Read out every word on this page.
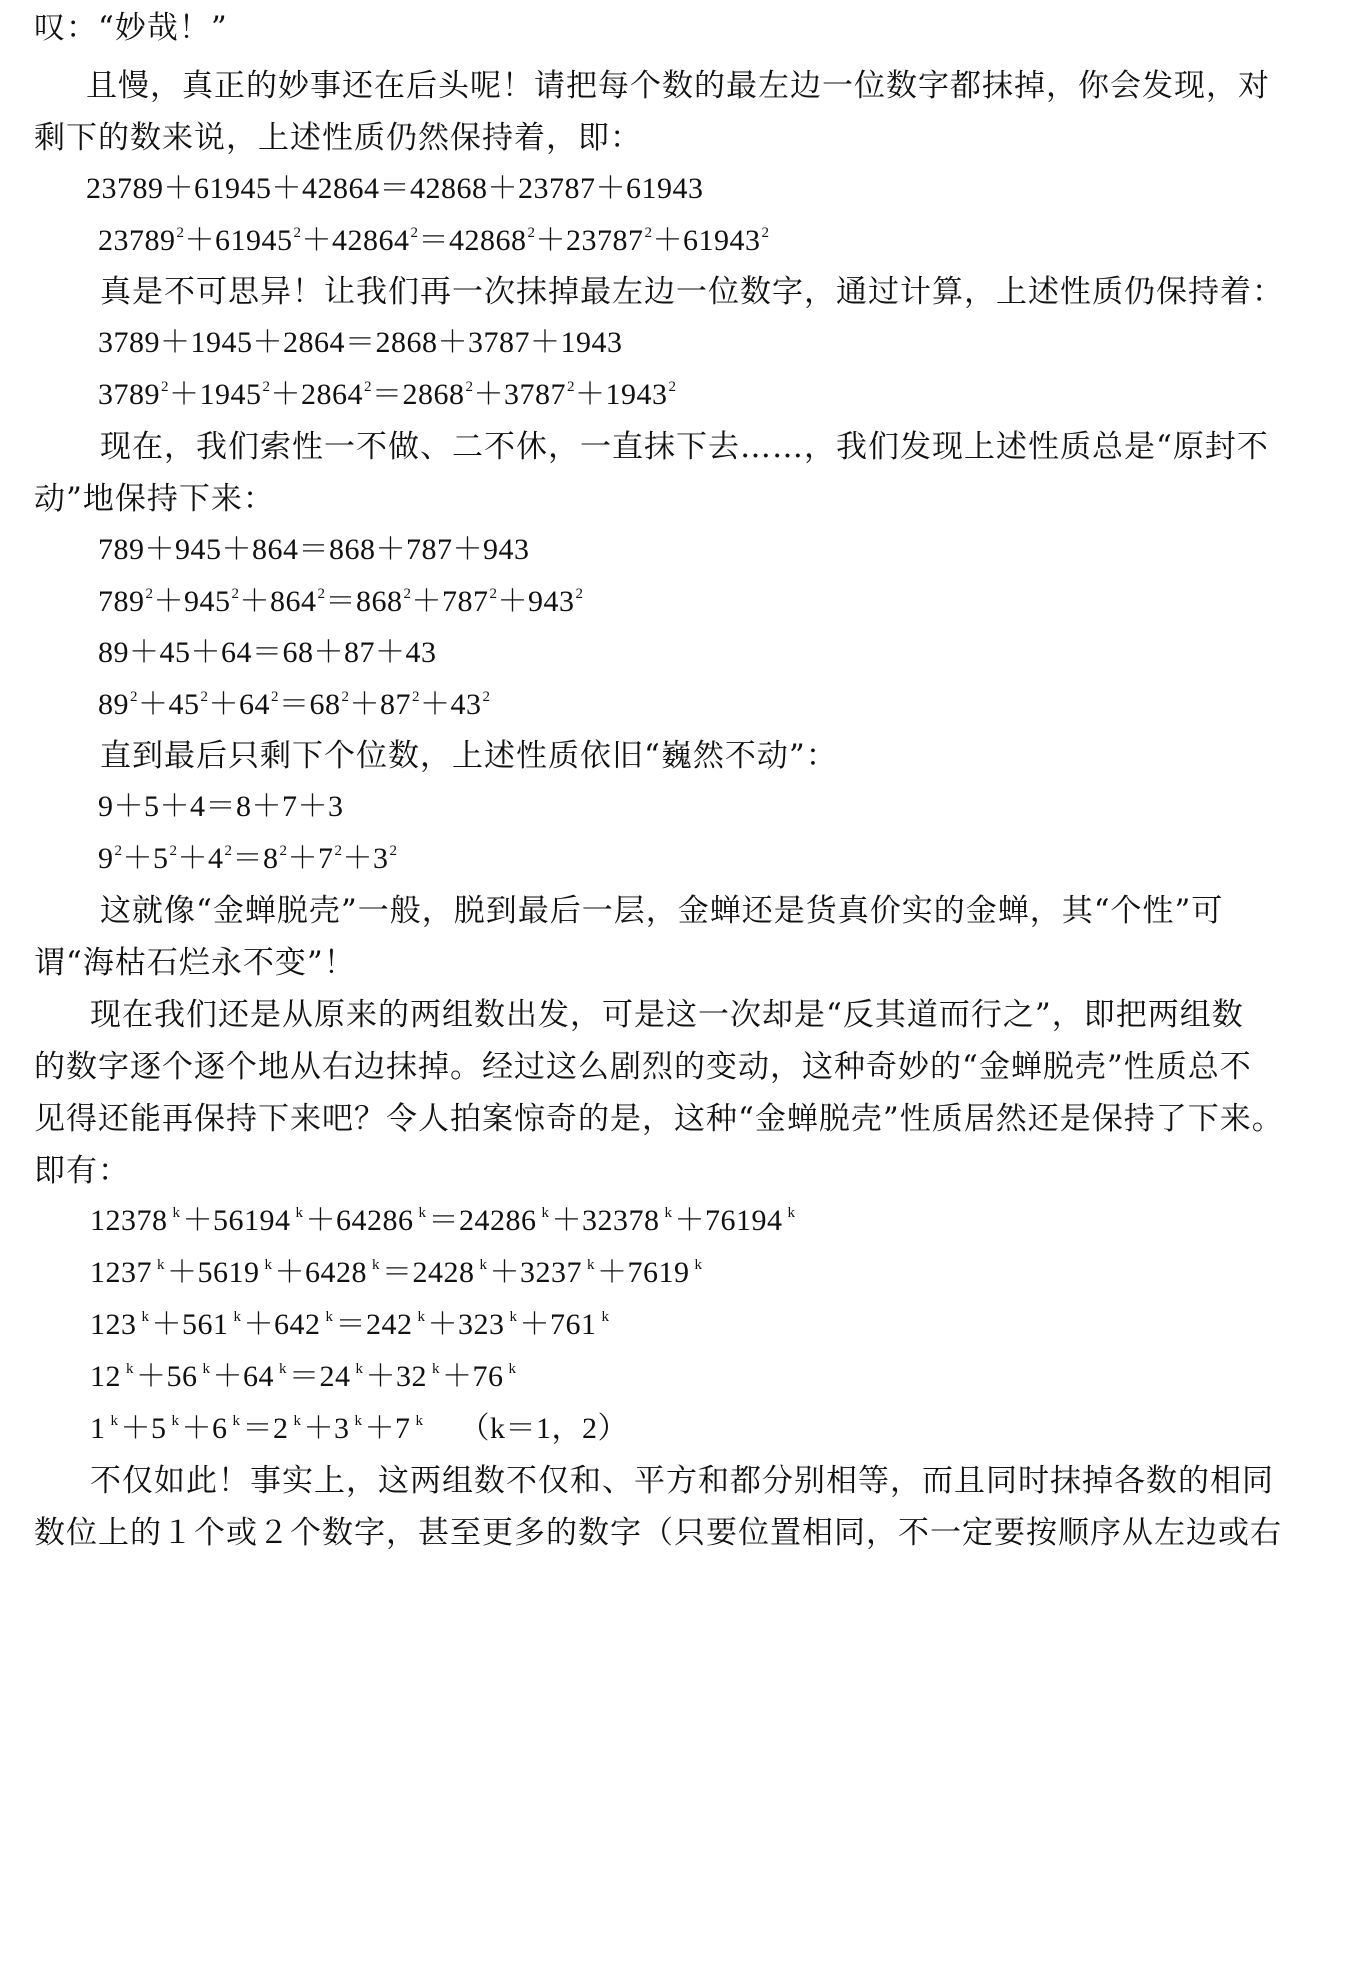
叹：“妙哉！”
且慢，真正的妙事还在后头呢！请把每个数的最左边一位数字都抹掉，你会发现，对
剩下的数来说，上述性质仍然保持着，即：
23789＋61945＋42864＝42868＋23787＋61943
$23789^2+61945^2+42864^2=42868^2+23787^2+61943^2$
真是不可思异！让我们再一次抹掉最左边一位数字，通过计算，上述性质仍保持着：
3789＋1945＋2864＝2868＋3787＋1943
$3789^2+1945^2+2864^2=2868^2+3787^2+1943^2$
现在，我们索性一不做、二不休，一直抹下去……，我们发现上述性质总是“原封不
动”地保持下来：
789＋945＋864＝868＋787＋943
$789^2+945^2+864^2=868^2+787^2+943^2$
89＋45＋64＝68＋87＋43
$89^2+45^2+64^2=68^2+87^2+43^2$
直到最后只剩下个位数，上述性质依旧“巍然不动”：
9＋5＋4＝8＋7＋3
$9^2+5^2+4^2=8^2+7^2+3^2$
这就像“金蝉脱壳”一般，脱到最后一层，金蝉还是货真价实的金蝉，其“个性”可
谓“海枯石烂永不变”！
现在我们还是从原来的两组数出发，可是这一次却是“反其道而行之”，即把两组数
的数字逐个逐个地从右边抹掉。经过这么剧烈的变动，这种奇妙的“金蝉脱壳”性质总不
见得还能再保持下来吧？令人拍案惊奇的是，这种“金蝉脱壳”性质居然还是保持了下来。
即有：
12378 $^k$＋56194 $^k$＋64286 $^k$＝24286 $^k$＋32378 $^k$＋76194 $^k$
1237 $^k$＋5619 $^k$＋6428 $^k$＝2428 $^k$＋3237 $^k$＋7619 $^k$
123 $^k$＋561 $^k$＋642 $^k$＝242 $^k$＋323 $^k$＋761 $^k$
12 $^k$＋56 $^k$＋64 $^k$＝24 $^k$＋32 $^k$＋76 $^k$
1 $^k$＋5 $^k$＋6 $^k$＝2 $^k$＋3 $^k$＋7 $^k$ （k＝1，2）
不仅如此！事实上，这两组数不仅和、平方和都分别相等，而且同时抹掉各数的相同
数位上的１个或２个数字，甚至更多的数字（只要位置相同，不一定要按顺序从左边或右
